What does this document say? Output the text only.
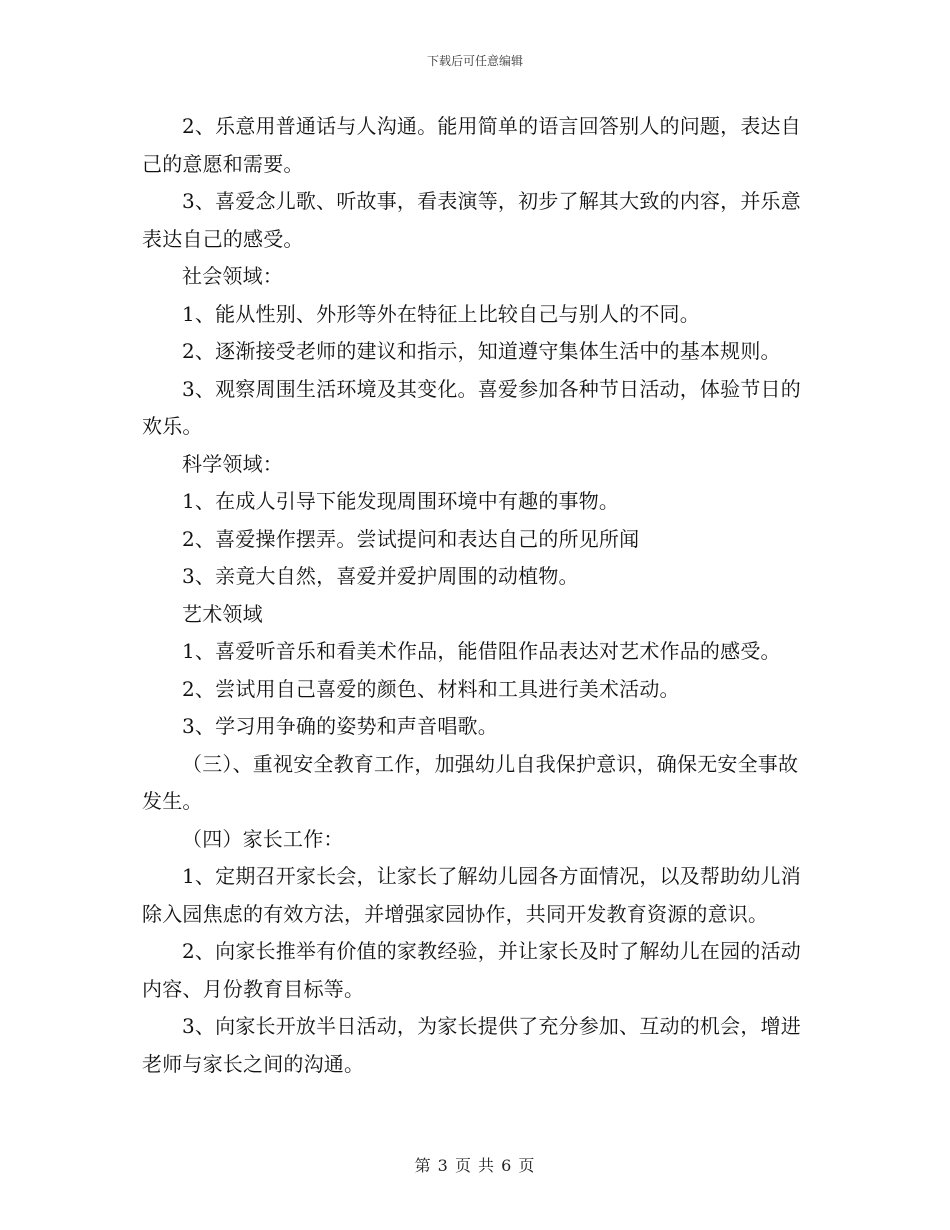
下载后可任意编辑

2、乐意用普通话与人沟通。能用简单的语言回答别人的问题，表达自己的意愿和需要。

3、喜爱念儿歌、听故事，看表演等，初步了解其大致的内容，并乐意表达自己的感受。

社会领域：

1、能从性别、外形等外在特征上比较自己与别人的不同。

2、逐渐接受老师的建议和指示，知道遵守集体生活中的基本规则。

3、观察周围生活环境及其变化。喜爱参加各种节日活动，体验节日的欢乐。

科学领域：

1、在成人引导下能发现周围环境中有趣的事物。

2、喜爱操作摆弄。尝试提问和表达自己的所见所闻

3、亲竟大自然，喜爱并爱护周围的动植物。

艺术领域

1、喜爱听音乐和看美术作品，能借阻作品表达对艺术作品的感受。

2、尝试用自己喜爱的颜色、材料和工具进行美术活动。

3、学习用争确的姿势和声音唱歌。

（三）、重视安全教育工作，加强幼儿自我保护意识，确保无安全事故发生。

（四）家长工作：

1、定期召开家长会，让家长了解幼儿园各方面情况，以及帮助幼儿消除入园焦虑的有效方法，并增强家园协作，共同开发教育资源的意识。

2、向家长推举有价值的家教经验，并让家长及时了解幼儿在园的活动内容、月份教育目标等。

3、向家长开放半日活动，为家长提供了充分参加、互动的机会，增进老师与家长之间的沟通。

第 3 页 共 6 页
